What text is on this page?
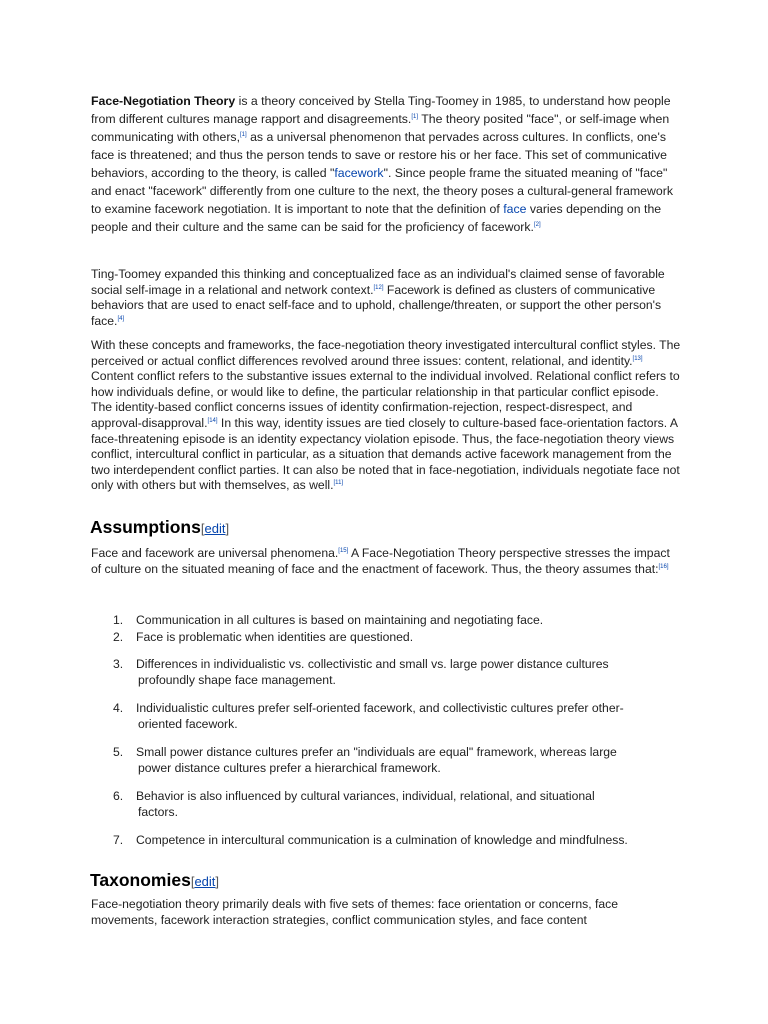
Face-Negotiation Theory is a theory conceived by Stella Ting-Toomey in 1985, to understand how people from different cultures manage rapport and disagreements.[1] The theory posited "face", or self-image when communicating with others,[1] as a universal phenomenon that pervades across cultures. In conflicts, one's face is threatened; and thus the person tends to save or restore his or her face. This set of communicative behaviors, according to the theory, is called "facework". Since people frame the situated meaning of "face" and enact "facework" differently from one culture to the next, the theory poses a cultural-general framework to examine facework negotiation. It is important to note that the definition of face varies depending on the people and their culture and the same can be said for the proficiency of facework.[2]

Ting-Toomey expanded this thinking and conceptualized face as an individual's claimed sense of favorable social self-image in a relational and network context.[12] Facework is defined as clusters of communicative behaviors that are used to enact self-face and to uphold, challenge/threaten, or support the other person's face.[4]

With these concepts and frameworks, the face-negotiation theory investigated intercultural conflict styles. The perceived or actual conflict differences revolved around three issues: content, relational, and identity.[13] Content conflict refers to the substantive issues external to the individual involved. Relational conflict refers to how individuals define, or would like to define, the particular relationship in that particular conflict episode. The identity-based conflict concerns issues of identity confirmation-rejection, respect-disrespect, and approval-disapproval.[14] In this way, identity issues are tied closely to culture-based face-orientation factors. A face-threatening episode is an identity expectancy violation episode. Thus, the face-negotiation theory views conflict, intercultural conflict in particular, as a situation that demands active facework management from the two interdependent conflict parties. It can also be noted that in face-negotiation, individuals negotiate face not only with others but with themselves, as well.[11]

Assumptions[edit]

Face and facework are universal phenomena.[15] A Face-Negotiation Theory perspective stresses the impact of culture on the situated meaning of face and the enactment of facework. Thus, the theory assumes that:[16]

1. Communication in all cultures is based on maintaining and negotiating face.
2. Face is problematic when identities are questioned.
3. Differences in individualistic vs. collectivistic and small vs. large power distance cultures
profoundly shape face management.
4. Individualistic cultures prefer self-oriented facework, and collectivistic cultures prefer other-
oriented facework.
5. Small power distance cultures prefer an "individuals are equal" framework, whereas large
power distance cultures prefer a hierarchical framework.
6. Behavior is also influenced by cultural variances, individual, relational, and situational
factors.
7. Competence in intercultural communication is a culmination of knowledge and mindfulness.
Taxonomies[edit]

Face-negotiation theory primarily deals with five sets of themes: face orientation or concerns, face movements, facework interaction strategies, conflict communication styles, and face content
